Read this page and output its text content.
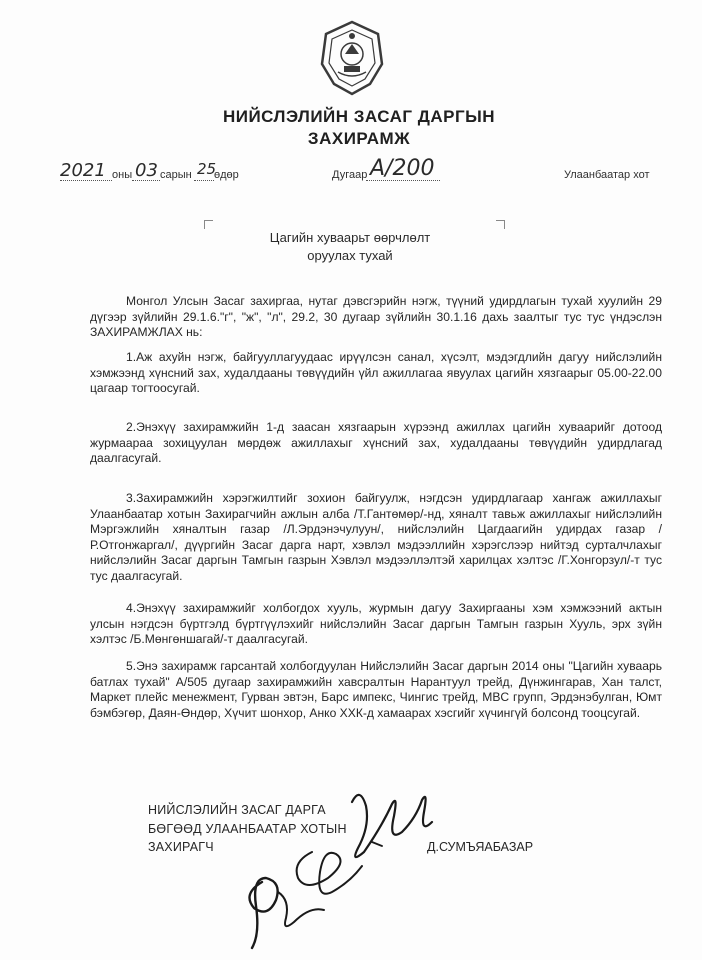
НИЙСЛЭЛИЙН ЗАСАГ ДАРГЫН
ЗАХИРАМЖ
2021 оны 03 сарын 25
өдөр	Дугаар А/200	Улаанбаатар хот
Цагийн хуваарьт өөрчлөлт
оруулах тухай

Монгол Улсын Засаг захиргаа, нутаг дэвсгэрийн нэгж, түүний удирдлагын тухай хуулийн 29 дүгээр зүйлийн 29.1.6."г", "ж", "л", 29.2, 30 дугаар зүйлийн 30.1.16 дахь заалтыг тус тус үндэслэн ЗАХИРАМЖЛАХ нь:

1.Аж ахуйн нэгж, байгууллагуудаас ирүүлсэн санал, хүсэлт, мэдэгдлийн дагуу нийслэлийн хэмжээнд хүнсний зах, худалдааны төвүүдийн үйл ажиллагаа явуулах цагийн хязгаарыг 05.00-22.00 цагаар тогтоосугай.

2.Энэхүү захирамжийн 1-д заасан хязгаарын хүрээнд ажиллах цагийн хуваарийг дотоод журмаараа зохицуулан мөрдөж ажиллахыг хүнсний зах, худалдааны төвүүдийн удирдлагад даалгасугай.

3.Захирамжийн хэрэгжилтийг зохион байгуулж, нэгдсэн удирдлагаар хангаж ажиллахыг Улаанбаатар хотын Захирагчийн ажлын алба /Т.Гантөмөр/-нд, хяналт тавьж ажиллахыг нийслэлийн Мэргэжлийн хяналтын газар /Л.Эрдэнэчулуун/, нийслэлийн Цагдаагийн удирдах газар /Р.Отгонжаргал/, дүүргийн Засаг дарга нарт, хэвлэл мэдээллийн хэрэгслээр нийтэд сурталчлахыг нийслэлийн Засаг даргын Тамгын газрын Хэвлэл мэдээллэлтэй харилцах хэлтэс /Г.Хонгорзул/-т тус тус даалгасугай.

4.Энэхүү захирамжийг холбогдох хууль, журмын дагуу Захиргааны хэм хэмжээний актын улсын нэгдсэн бүртгэлд бүртгүүлэхийг нийслэлийн Засаг даргын Тамгын газрын Хууль, эрх зүйн хэлтэс /Б.Мөнгөншагай/-т даалгасугай.

5.Энэ захирамж гарсантай холбогдуулан Нийслэлийн Засаг даргын 2014 оны "Цагийн хуваарь батлах тухай" А/505 дугаар захирамжийн хавсралтын Нарантуул трейд, Дүнжингарав, Хан талст, Маркет плейс менежмент, Гурван эвтэн, Барс импекс, Чингис трейд, MBC групп, Эрдэнэбулган, Юмт бэмбэгөр, Даян-Өндөр, Хүчит шонхор, Анко ХХК-д хамаарах хэсгийг хүчингүй болсонд тооцсугай.

НИЙСЛЭЛИЙН ЗАСАГ ДАРГА
БӨГӨӨД УЛААНБААТАР ХОТЫН
ЗАХИРАГЧ	Д.СУМЪЯАБАЗАР
